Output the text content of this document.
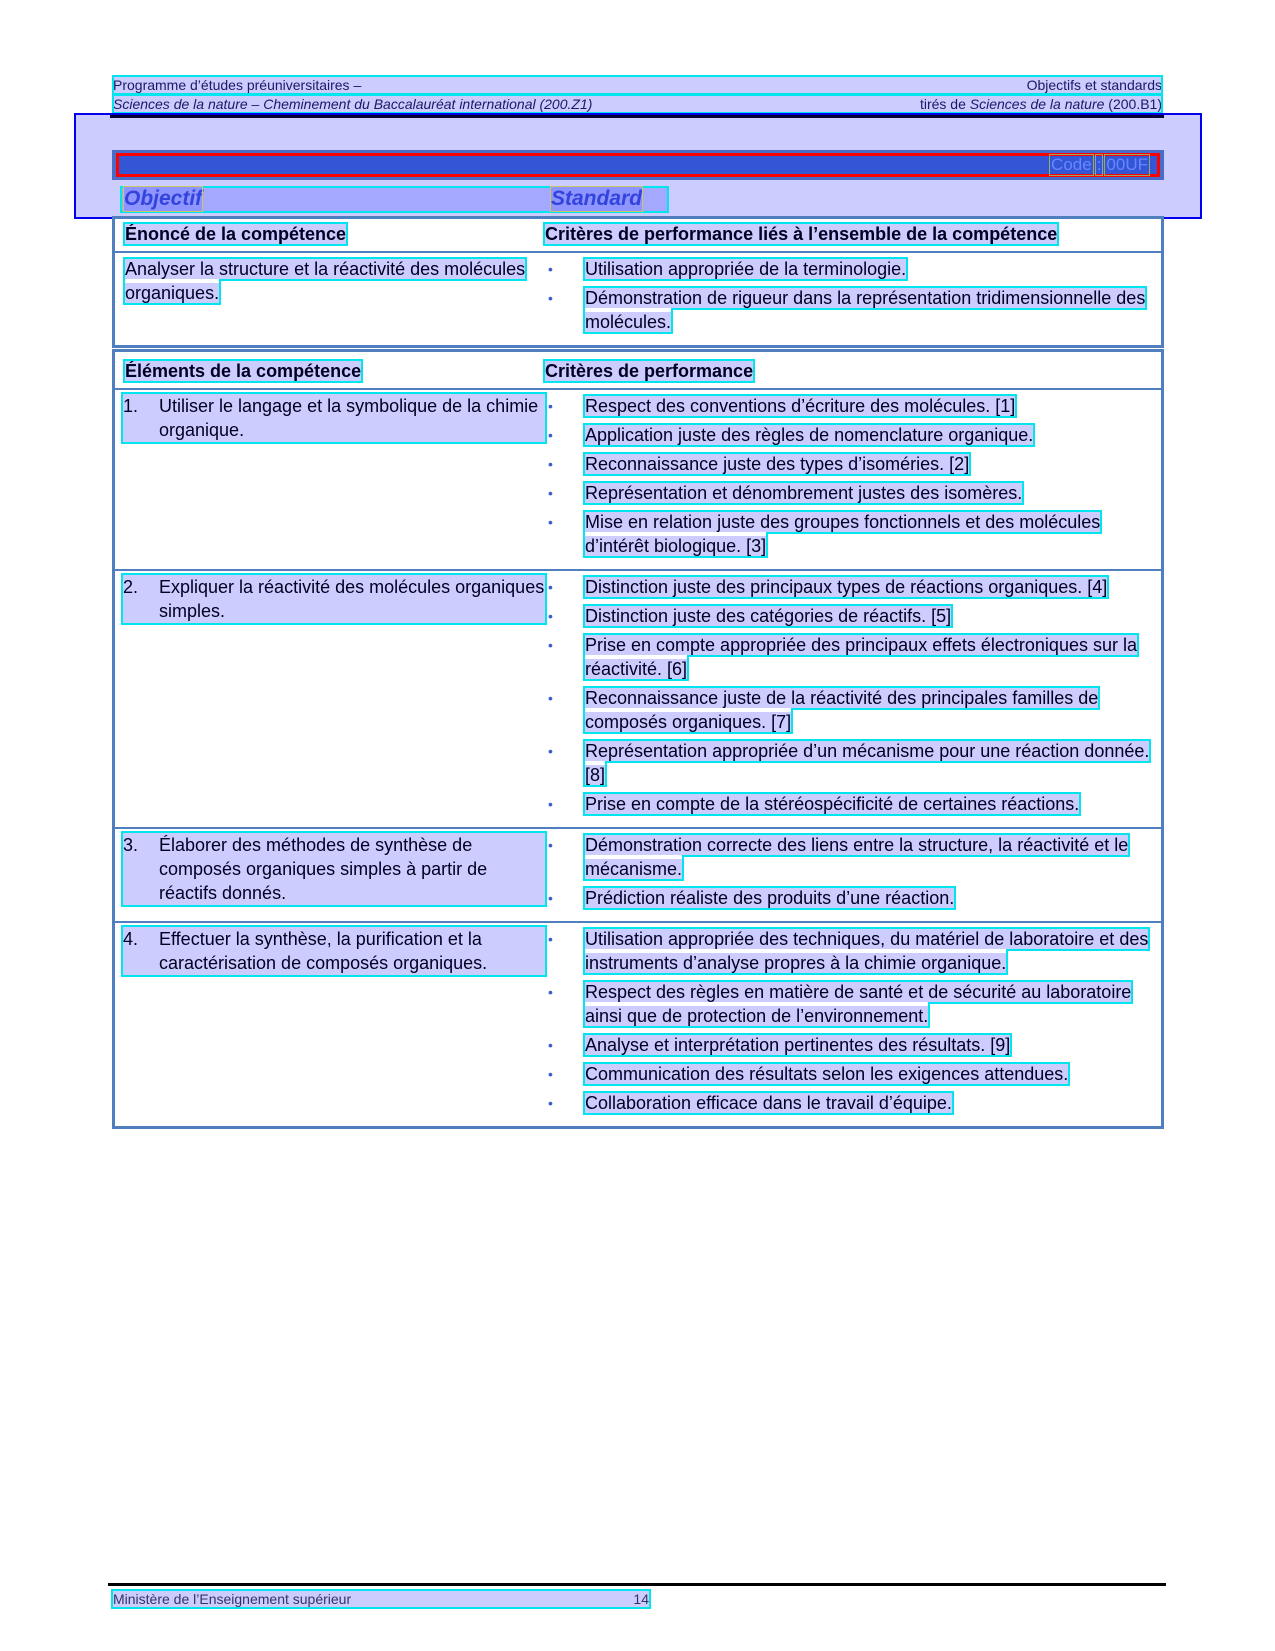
Programme d’études préuniversitaires –	Objectifs et standards
Sciences de la nature – Cheminement du Baccalauréat international (200.Z1)	tirés de Sciences de la nature (200.B1)
Code : 00UF
Objectif	Standard
Énoncé de la compétence	Critères de performance liés à l’ensemble de la compétence
Analyser la structure et la réactivité des molécules organiques.
•	Utilisation appropriée de la terminologie.
•	Démonstration de rigueur dans la représentation tridimensionnelle des molécules.
Éléments de la compétence	Critères de performance
1.	Utiliser le langage et la symbolique de la chimie organique.
•	Respect des conventions d’écriture des molécules. [1]
•	Application juste des règles de nomenclature organique.
•	Reconnaissance juste des types d’isoméries. [2]
•	Représentation et dénombrement justes des isomères.
•	Mise en relation juste des groupes fonctionnels et des molécules d’intérêt biologique. [3]
2.	Expliquer la réactivité des molécules organiques simples.
•	Distinction juste des principaux types de réactions organiques. [4]
•	Distinction juste des catégories de réactifs. [5]
•	Prise en compte appropriée des principaux effets électroniques sur la réactivité. [6]
•	Reconnaissance juste de la réactivité des principales familles de composés organiques. [7]
•	Représentation appropriée d’un mécanisme pour une réaction donnée. [8]
•	Prise en compte de la stéréospécificité de certaines réactions.
3.	Élaborer des méthodes de synthèse de composés organiques simples à partir de réactifs donnés.
•	Démonstration correcte des liens entre la structure, la réactivité et le mécanisme.
•	Prédiction réaliste des produits d’une réaction.
4.	Effectuer la synthèse, la purification et la caractérisation de composés organiques.
•	Utilisation appropriée des techniques, du matériel de laboratoire et des instruments d’analyse propres à la chimie organique.
•	Respect des règles en matière de santé et de sécurité au laboratoire ainsi que de protection de l’environnement.
•	Analyse et interprétation pertinentes des résultats. [9]
•	Communication des résultats selon les exigences attendues.
•	Collaboration efficace dans le travail d’équipe.
Ministère de l’Enseignement supérieur	14
